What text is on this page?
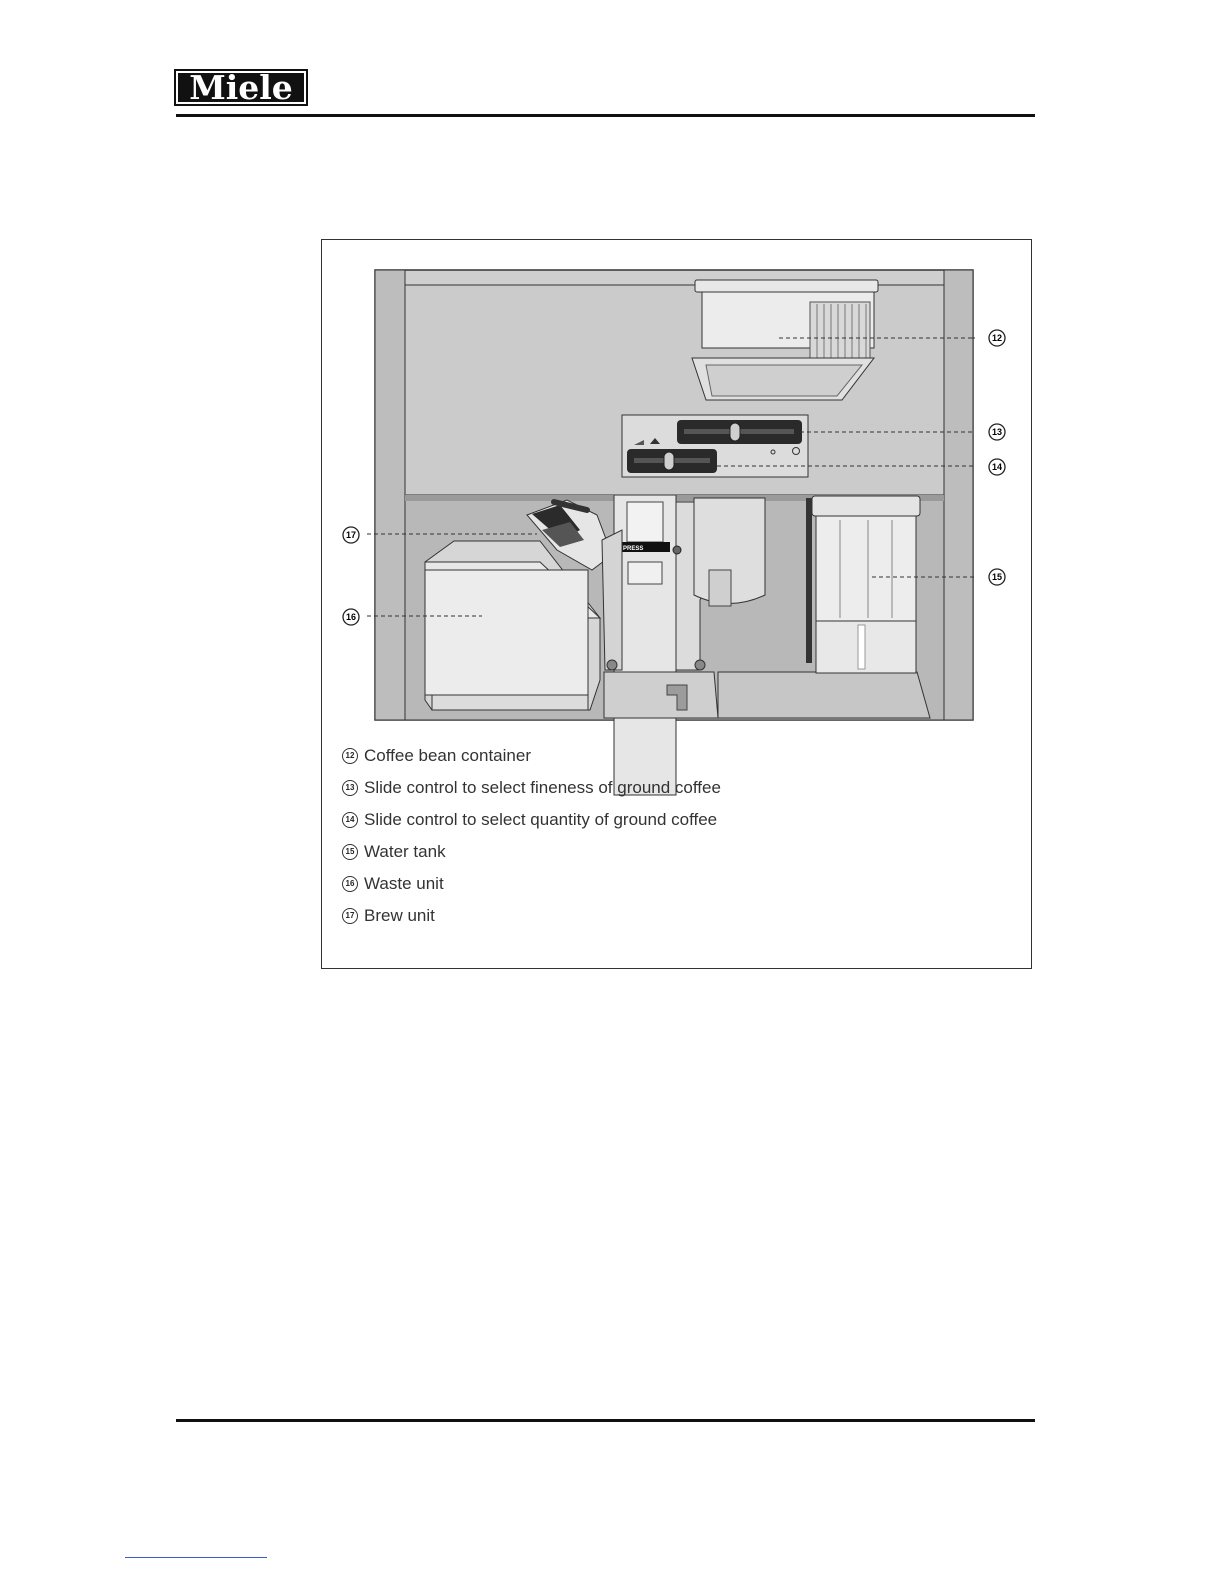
Miele
PRESS
12
13
14
15
16
17
12 Coffee bean container
13 Slide control to select fineness of ground coffee
14 Slide control to select quantity of ground coffee
15 Water tank
16 Waste unit
17 Brew unit
